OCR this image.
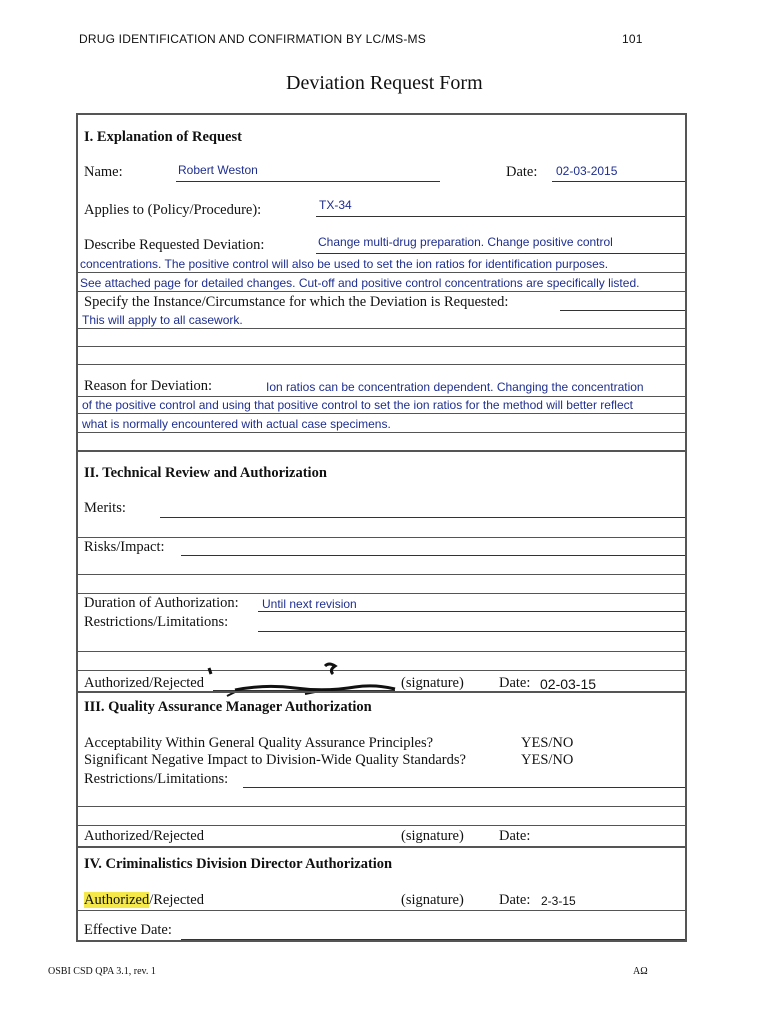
DRUG IDENTIFICATION AND CONFIRMATION BY LC/MS-MS	101
Deviation Request Form
I. Explanation of Request
Name:	Robert Weston	Date: 02-03-2015
Applies to (Policy/Procedure):	TX-34
Describe Requested Deviation:	Change multi-drug preparation. Change positive control
concentrations. The positive control will also be used to set the ion ratios for identification purposes.
See attached page for detailed changes. Cut-off and positive control concentrations are specifically listed.
Specify the Instance/Circumstance for which the Deviation is Requested:
This will apply to all casework.
Reason for Deviation:	Ion ratios can be concentration dependent. Changing the concentration
of the positive control and using that positive control to set the ion ratios for the method will better reflect
what is normally encountered with actual case specimens.
II. Technical Review and Authorization
Merits:
Risks/Impact:
Duration of Authorization: Until next revision
Restrictions/Limitations:
Authorized/Rejected	(signature) Date: 02-03-15
III. Quality Assurance Manager Authorization
Acceptability Within General Quality Assurance Principles?	YES/NO
Significant Negative Impact to Division-Wide Quality Standards?	YES/NO
Restrictions/Limitations:
Authorized/Rejected	(signature) Date:
IV. Criminalistics Division Director Authorization
Authorized/Rejected	(signature) Date: 2-3-15
Effective Date:
OSBI CSD QPA 3.1, rev. 1	AΩ
